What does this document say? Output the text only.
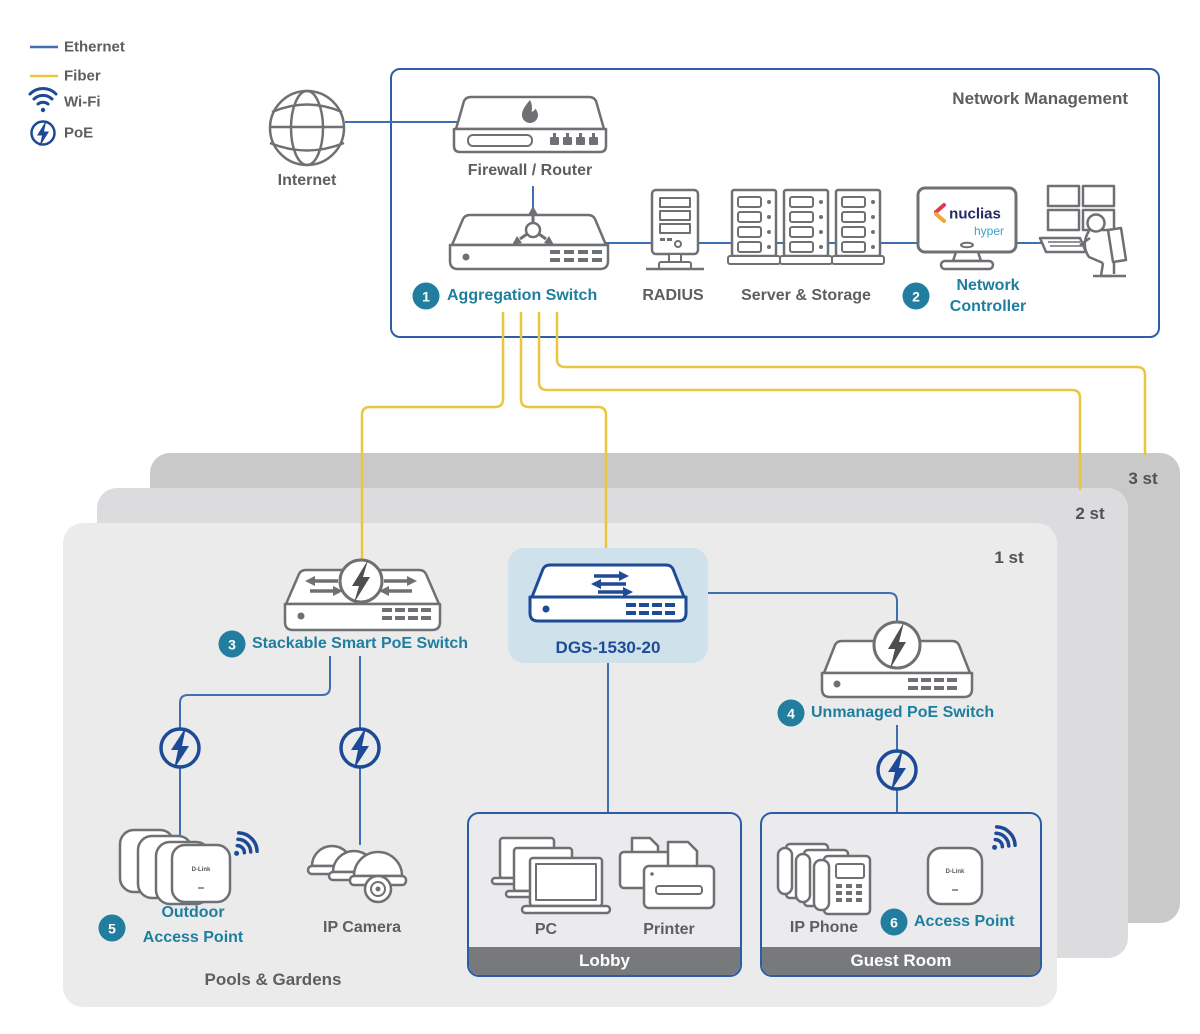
Lobby	Guest Room
Ethernet
Fiber
Wi-Fi
PoE
Network Management
Internet
Firewall / Router
1	Aggregation Switch	RADIUS Server & Storage	2
Network
Controller
nuclias
hyper
3 st
2 st
1 st
3	Stackable Smart PoE Switch	DGS-1530-20
4	Unmanaged PoE Switch
5
Outdoor
Access Point
D-Link
IP Camera	PC	Printer	IP Phone	6	Access Point
D-Link
Pools & Gardens
